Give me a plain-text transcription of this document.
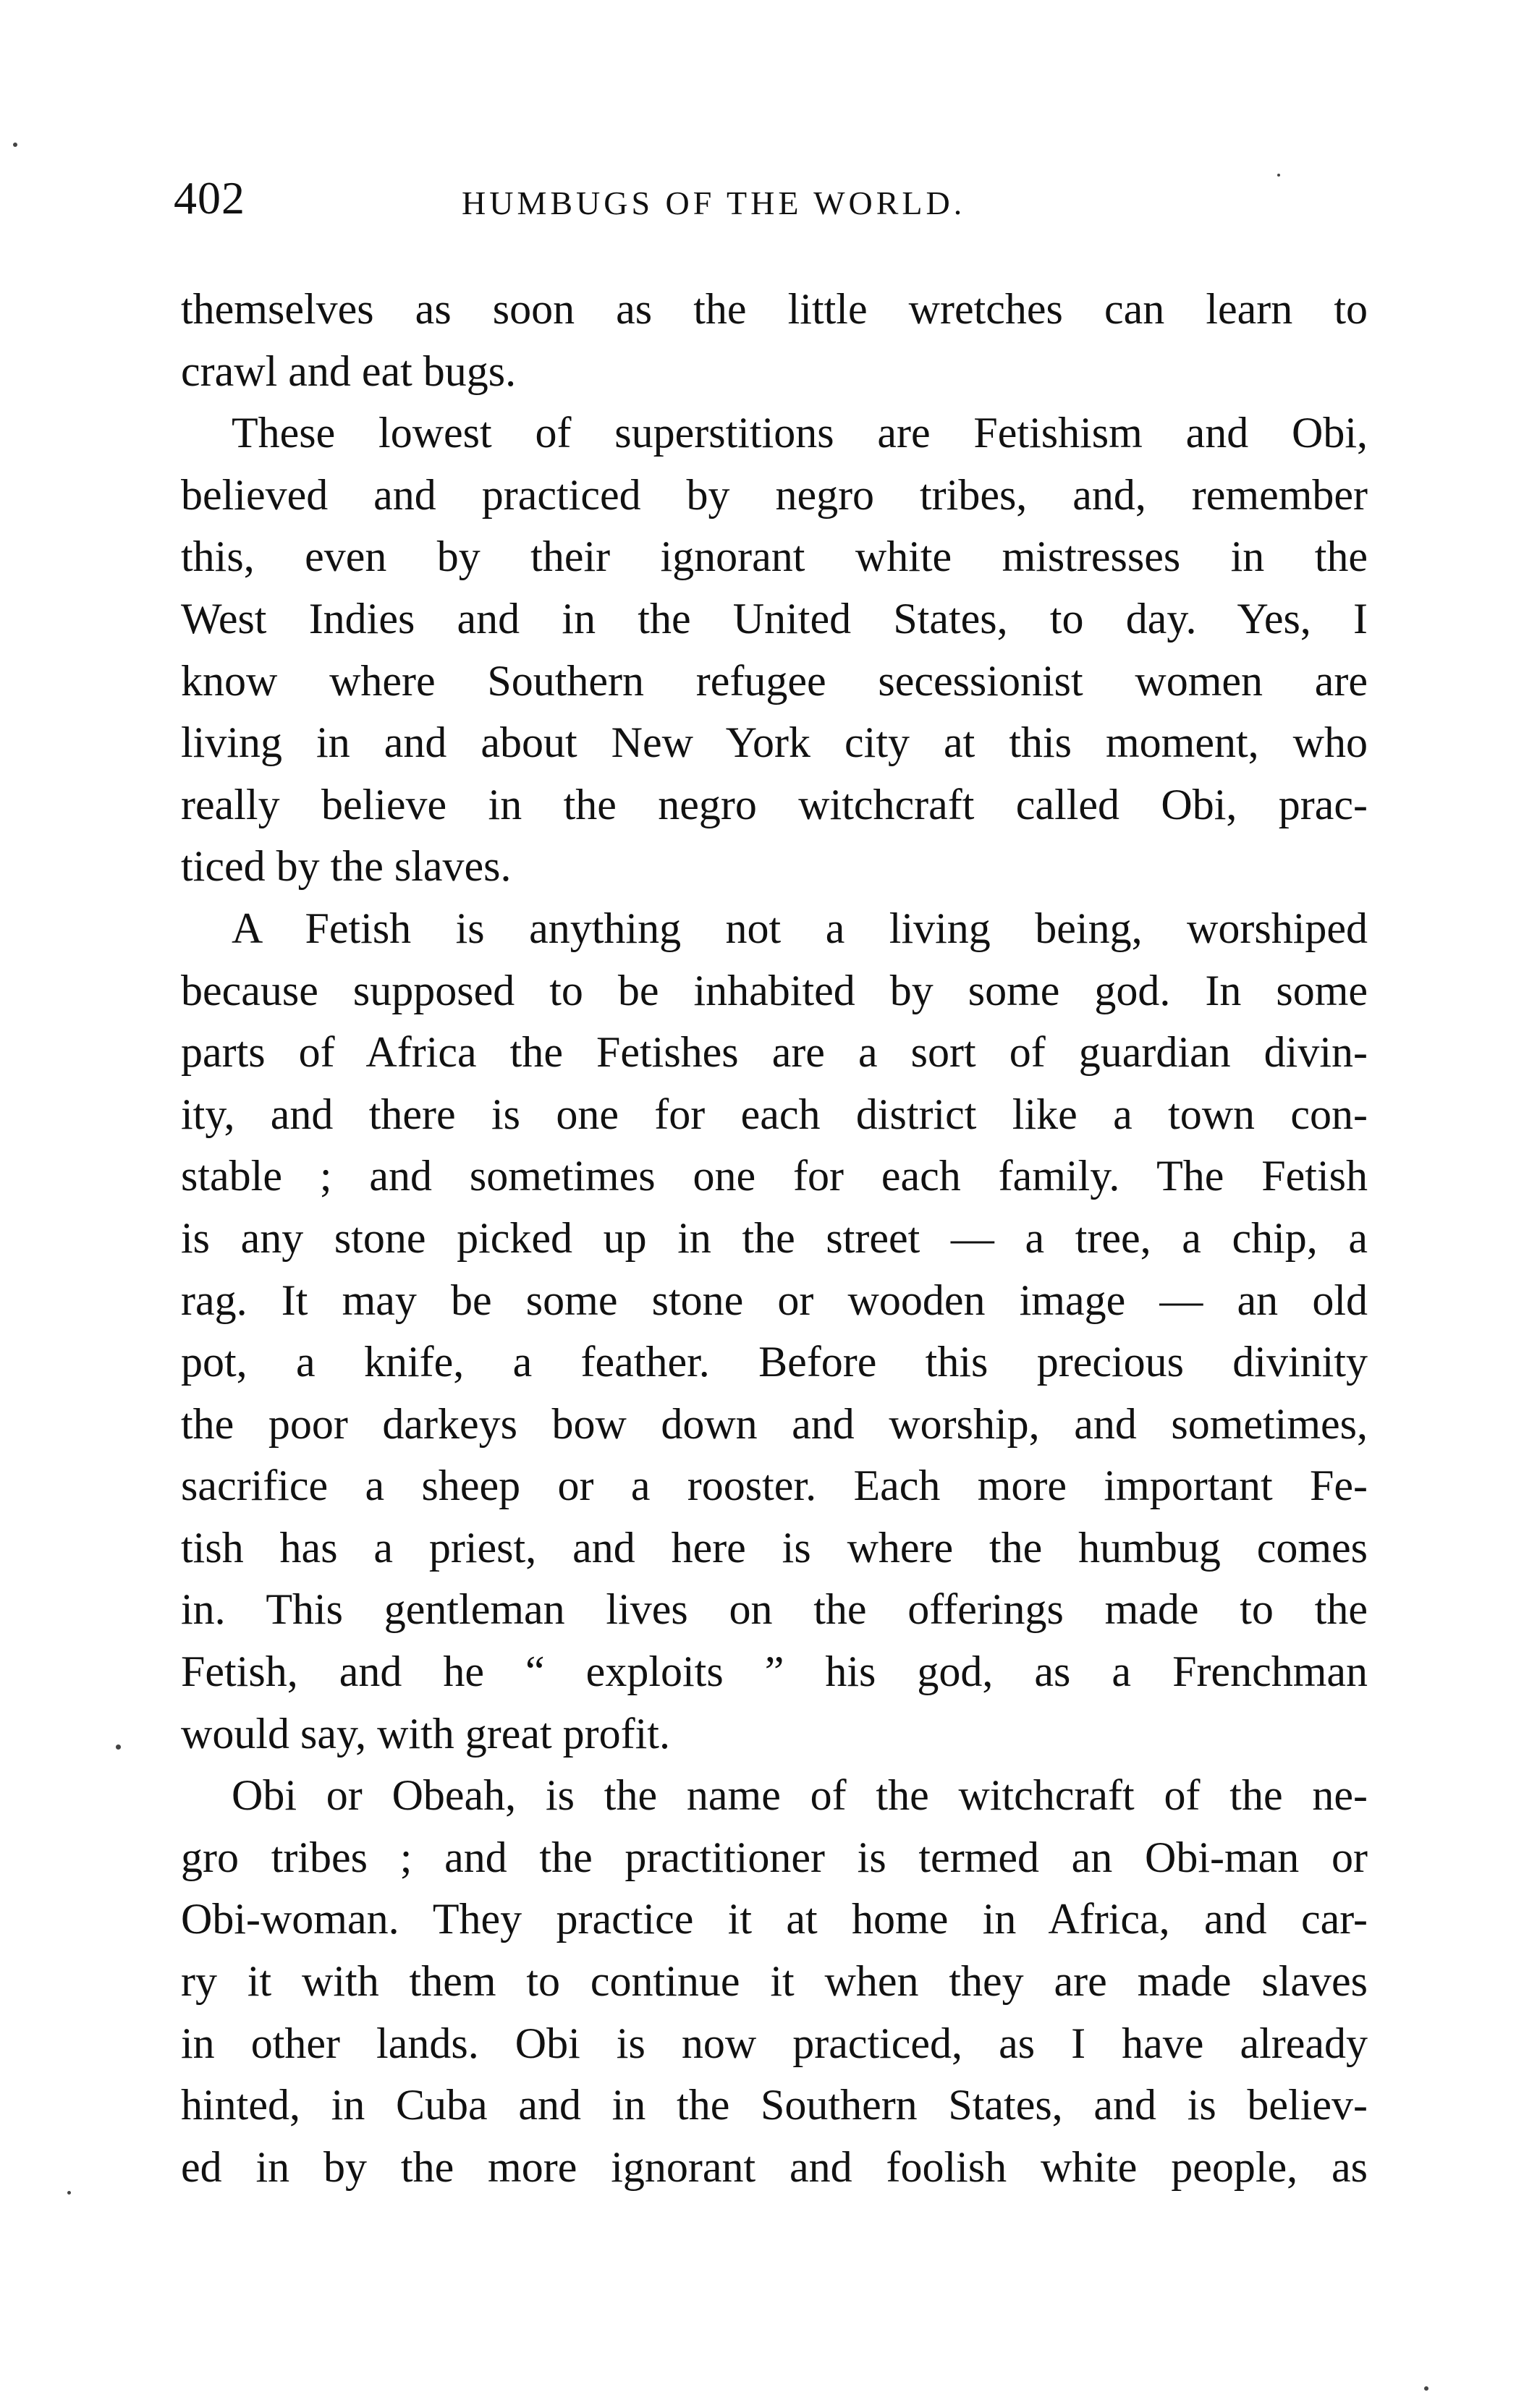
402	HUMBUGS OF THE WORLD.
themselves as soon as the little wretches can learn to
crawl and eat bugs.
These lowest of superstitions are Fetishism and Obi,
believed and practiced by negro tribes, and, remember
this, even by their ignorant white mistresses in the
West Indies and in the United States, to day. Yes, I
know where Southern refugee secessionist women are
living in and about New York city at this moment, who
really believe in the negro witchcraft called Obi, prac-
ticed by the slaves.
A Fetish is anything not a living being, worshiped
because supposed to be inhabited by some god. In some
parts of Africa the Fetishes are a sort of guardian divin-
ity, and there is one for each district like a town con-
stable ; and sometimes one for each family. The Fetish
is any stone picked up in the street — a tree, a chip, a
rag. It may be some stone or wooden image — an old
pot, a knife, a feather. Before this precious divinity
the poor darkeys bow down and worship, and sometimes,
sacrifice a sheep or a rooster. Each more important Fe-
tish has a priest, and here is where the humbug comes
in. This gentleman lives on the offerings made to the
Fetish, and he “ exploits ” his god, as a Frenchman
would say, with great profit.
Obi or Obeah, is the name of the witchcraft of the ne-
gro tribes ; and the practitioner is termed an Obi-man or
Obi-woman. They practice it at home in Africa, and car-
ry it with them to continue it when they are made slaves
in other lands. Obi is now practiced, as I have already
hinted, in Cuba and in the Southern States, and is believ-
ed in by the more ignorant and foolish white people, as
